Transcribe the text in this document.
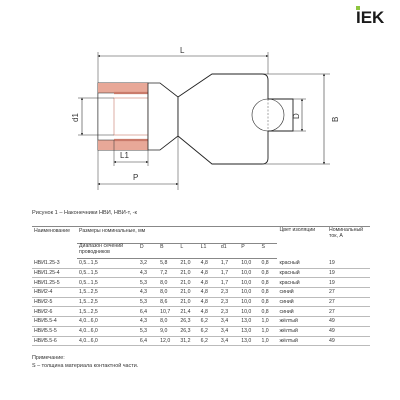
IEK
L
L1
P
d1	D
B
Рисунок 1 – Наконечники НВИ, НВИ-т, -к
Наименование	Размеры номинальные, мм								Цвет изоляции	Номинальный ток, А
	Диапазон сечений проводников	D	B	L	L1	d1	P	S		
НВИ1.25-3	0,5...1,5	3,2	5,8	21,0	4,8	1,7	10,0	0,8	красный	19
НВИ1.25-4	0,5...1,5	4,3	7,2	21,0	4,8	1,7	10,0	0,8	красный	19
НВИ1.25-5	0,5...1,5	5,3	8,0	21,0	4,8	1,7	10,0	0,8	красный	19
НВИ2-4	1,5...2,5	4,3	8,0	21,0	4,8	2,3	10,0	0,8	синий	27
НВИ2-5	1,5...2,5	5,3	8,6	21,0	4,8	2,3	10,0	0,8	синий	27
НВИ2-6	1,5...2,5	6,4	10,7	21,4	4,8	2,3	10,0	0,8	синий	27
НВИ5.5-4	4,0...6,0	4,3	8,0	26,3	6,2	3,4	13,0	1,0	жёлтый	49
НВИ5.5-5	4,0...6,0	5,3	9,0	26,3	6,2	3,4	13,0	1,0	жёлтый	49
НВИ5.5-6	4,0...6,0	6,4	12,0	31,2	6,2	3,4	13,0	1,0	жёлтый	49
Примечание:
S – толщина материала контактной части.
